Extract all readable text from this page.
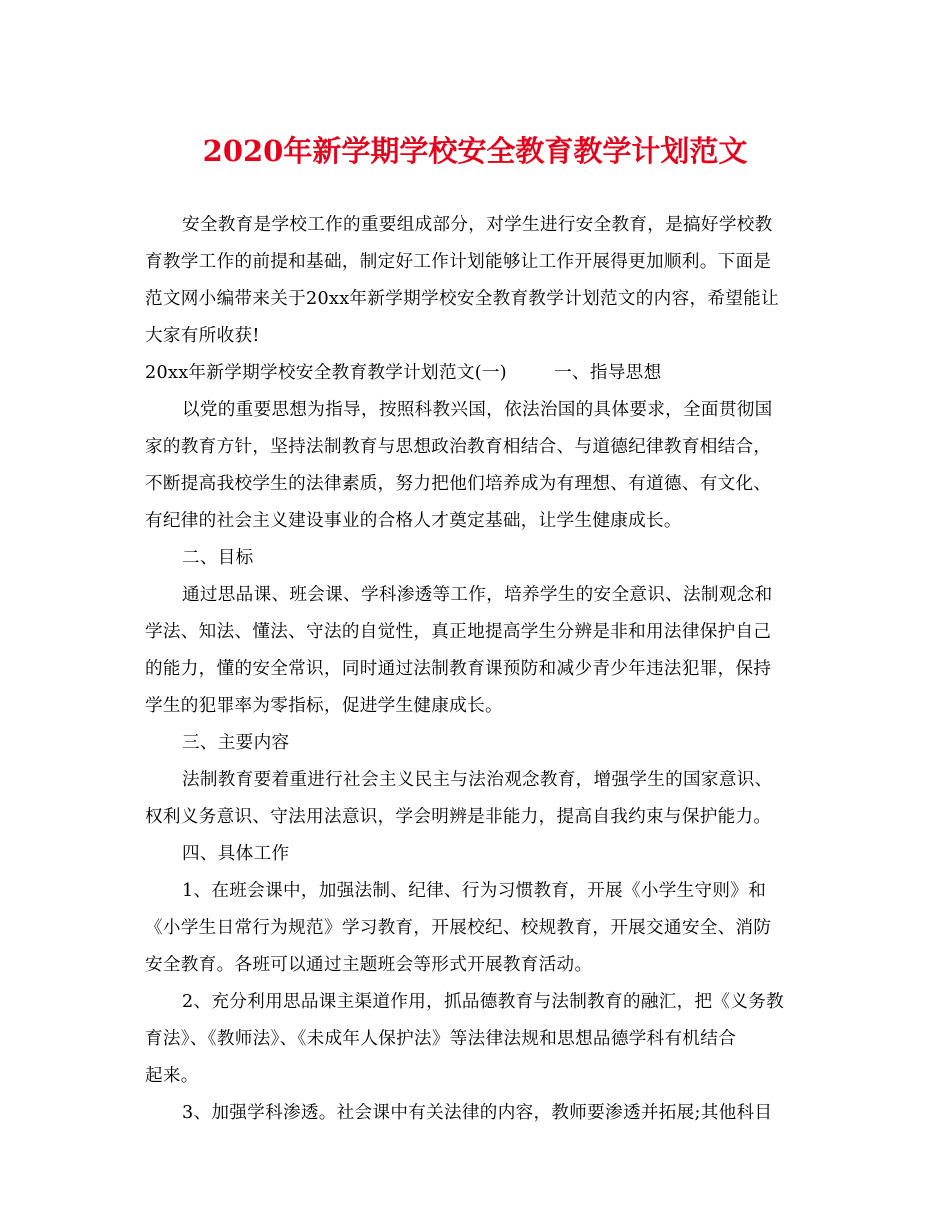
2020年新学期学校安全教育教学计划范文

安全教育是学校工作的重要组成部分，对学生进行安全教育，是搞好学校教

育教学工作的前提和基础，制定好工作计划能够让工作开展得更加顺利。下面是

范文网小编带来关于20xx年新学期学校安全教育教学计划范文的内容，希望能让

大家有所收获!

20xx年新学期学校安全教育教学计划范文(一)        一、指导思想

以党的重要思想为指导，按照科教兴国，依法治国的具体要求，全面贯彻国

家的教育方针，坚持法制教育与思想政治教育相结合、与道德纪律教育相结合，

不断提高我校学生的法律素质，努力把他们培养成为有理想、有道德、有文化、

有纪律的社会主义建设事业的合格人才奠定基础，让学生健康成长。

二、目标

通过思品课、班会课、学科渗透等工作，培养学生的安全意识、法制观念和

学法、知法、懂法、守法的自觉性，真正地提高学生分辨是非和用法律保护自己

的能力，懂的安全常识，同时通过法制教育课预防和减少青少年违法犯罪，保持

学生的犯罪率为零指标，促进学生健康成长。

三、主要内容

法制教育要着重进行社会主义民主与法治观念教育，增强学生的国家意识、

权利义务意识、守法用法意识，学会明辨是非能力，提高自我约束与保护能力。

四、具体工作

1、在班会课中，加强法制、纪律、行为习惯教育，开展《小学生守则》和

《小学生日常行为规范》学习教育，开展校纪、校规教育，开展交通安全、消防

安全教育。各班可以通过主题班会等形式开展教育活动。

2、充分利用思品课主渠道作用，抓品德教育与法制教育的融汇，把《义务教

育法》、《教师法》、《未成年人保护法》等法律法规和思想品德学科有机结合

起来。

3、加强学科渗透。社会课中有关法律的内容，教师要渗透并拓展;其他科目
